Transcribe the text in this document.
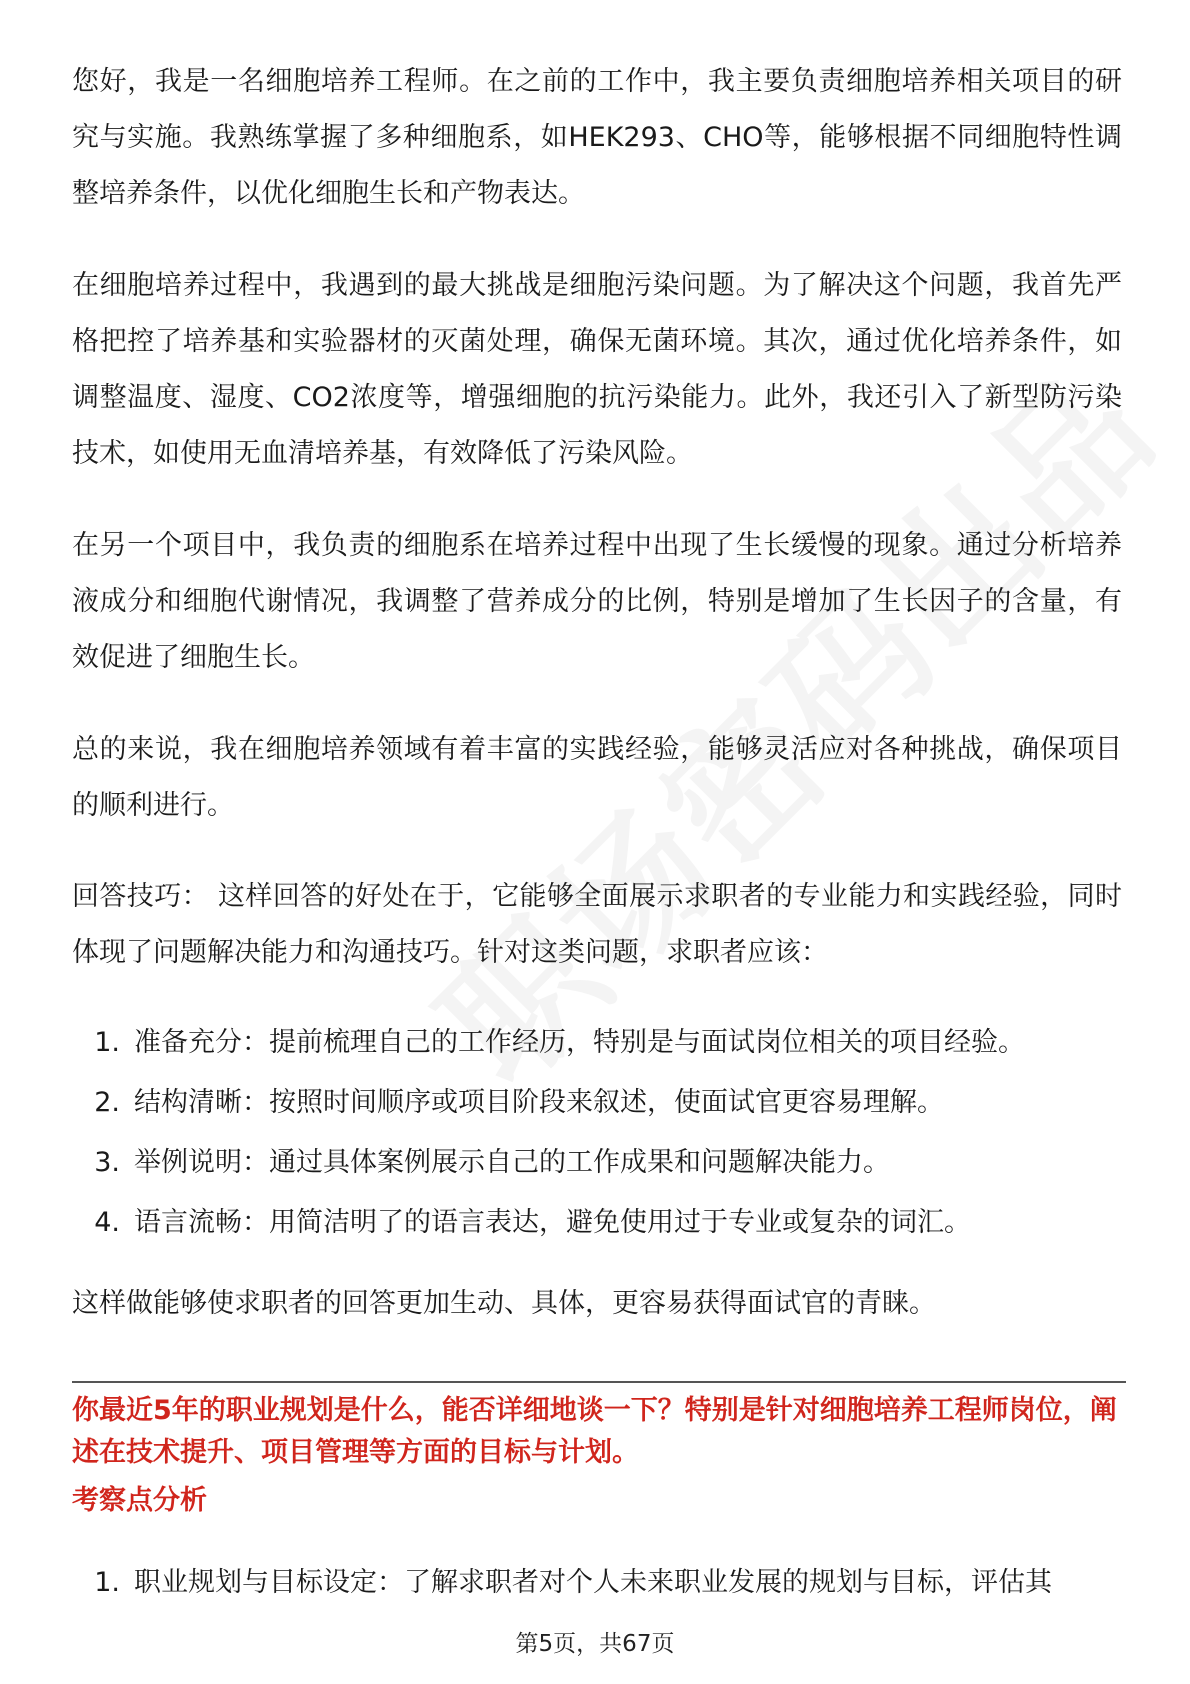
您好，我是一名细胞培养工程师。在之前的工作中，我主要负责细胞培养相关项目的研究与实施。我熟练掌握了多种细胞系，如HEK293、CHO等，能够根据不同细胞特性调整培养条件，以优化细胞生长和产物表达。

在细胞培养过程中，我遇到的最大挑战是细胞污染问题。为了解决这个问题，我首先严格把控了培养基和实验器材的灭菌处理，确保无菌环境。其次，通过优化培养条件，如调整温度、湿度、CO2浓度等，增强细胞的抗污染能力。此外，我还引入了新型防污染技术，如使用无血清培养基，有效降低了污染风险。

在另一个项目中，我负责的细胞系在培养过程中出现了生长缓慢的现象。通过分析培养液成分和细胞代谢情况，我调整了营养成分的比例，特别是增加了生长因子的含量，有效促进了细胞生长。

总的来说，我在细胞培养领域有着丰富的实践经验，能够灵活应对各种挑战，确保项目的顺利进行。

回答技巧： 这样回答的好处在于，它能够全面展示求职者的专业能力和实践经验，同时体现了问题解决能力和沟通技巧。针对这类问题，求职者应该：

1. 准备充分：提前梳理自己的工作经历，特别是与面试岗位相关的项目经验。
2. 结构清晰：按照时间顺序或项目阶段来叙述，使面试官更容易理解。
3. 举例说明：通过具体案例展示自己的工作成果和问题解决能力。
4. 语言流畅：用简洁明了的语言表达，避免使用过于专业或复杂的词汇。

这样做能够使求职者的回答更加生动、具体，更容易获得面试官的青睐。

你最近5年的职业规划是什么，能否详细地谈一下？特别是针对细胞培养工程师岗位，阐述在技术提升、项目管理等方面的目标与计划。

考察点分析

1. 职业规划与目标设定：了解求职者对个人未来职业发展的规划与目标，评估其
第5页，共67页
